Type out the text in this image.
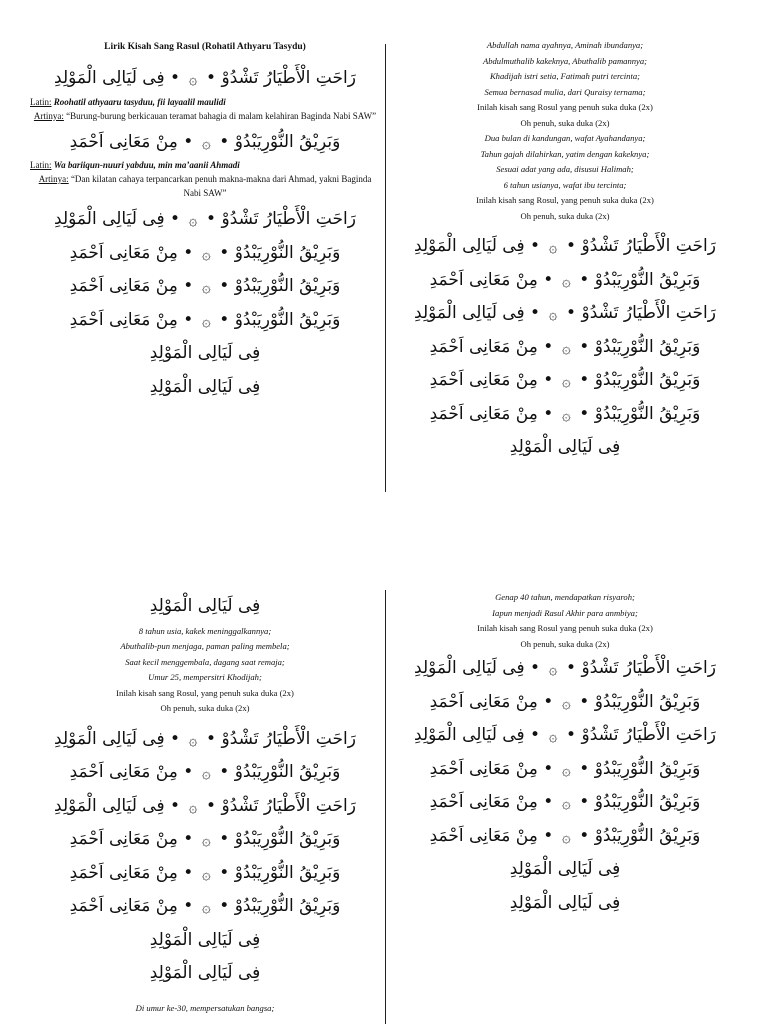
Lirik Kisah Sang Rasul (Rohatil Athyaru Tasydu)
رَاحَتِ الْأَطْيَارُ تَشْدُوْ •۞• فِى لَيَالِى الْمَوْلِدِ
Latin: Roohatil athyaaru tasyduu, fii layaalil maulidi
Artinya: “Burung-burung berkicauan teramat bahagia di malam kelahiran Baginda Nabi SAW”
وَبَرِيْقُ النُّوْرِيَبْدُوْ •۞• مِنْ مَعَانِى اَحْمَدِ
Latin: Wa bariiqun-nuuri yabduu, min ma’aanii Ahmadi
Artinya: “Dan kilatan cahaya terpancarkan penuh makna-makna dari Ahmad, yakni Baginda Nabi SAW”
رَاحَتِ الْأَطْيَارُ تَشْدُوْ •۞• فِى لَيَالِى الْمَوْلِدِ
وَبَرِيْقُ النُّوْرِيَبْدُوْ •۞• مِنْ مَعَانِى اَحْمَدِ
وَبَرِيْقُ النُّوْرِيَبْدُوْ •۞• مِنْ مَعَانِى اَحْمَدِ
وَبَرِيْقُ النُّوْرِيَبْدُوْ •۞• مِنْ مَعَانِى اَحْمَدِ
فِى لَيَالِى الْمَوْلِدِ
فِى لَيَالِى الْمَوْلِدِ
Abdullah nama ayahnya, Aminah ibundanya;
Abdulmuthalib kakeknya, Abuthalib pamannya;
Khadijah istri setia, Fatimah putri tercinta;
Semua bernasad mulia, dari Quraisy ternama;
Inilah kisah sang Rosul yang penuh suka duka (2x)
Oh penuh, suka duka (2x)
Dua bulan di kandungan, wafat Ayahandanya;
Tahun gajah dilahirkan, yatim dengan kakeknya;
Sesuai adat yang ada, disusui Halimah;
6 tahun usianya, wafat ibu tercinta;
Inilah kisah sang Rosul, yang penuh suka duka (2x)
Oh penuh, suka duka (2x)
رَاحَتِ الْأَطْيَارُ تَشْدُوْ •۞• فِى لَيَالِى الْمَوْلِدِ
وَبَرِيْقُ النُّوْرِيَبْدُوْ •۞• مِنْ مَعَانِى اَحْمَدِ
رَاحَتِ الْأَطْيَارُ تَشْدُوْ •۞• فِى لَيَالِى الْمَوْلِدِ
وَبَرِيْقُ النُّوْرِيَبْدُوْ •۞• مِنْ مَعَانِى اَحْمَدِ
وَبَرِيْقُ النُّوْرِيَبْدُوْ •۞• مِنْ مَعَانِى اَحْمَدِ
وَبَرِيْقُ النُّوْرِيَبْدُوْ •۞• مِنْ مَعَانِى اَحْمَدِ
فِى لَيَالِى الْمَوْلِدِ
فِى لَيَالِى الْمَوْلِدِ
8 tahun usia, kakek meninggalkannya;
Abuthalib-pun menjaga, paman paling membela;
Saat kecil menggembala, dagang saat remaja;
Umur 25, mempersitri Khodijah;
Inilah kisah sang Rosul, yang penuh suka duka (2x)
Oh penuh, suka duka (2x)
رَاحَتِ الْأَطْيَارُ تَشْدُوْ •۞• فِى لَيَالِى الْمَوْلِدِ
وَبَرِيْقُ النُّوْرِيَبْدُوْ •۞• مِنْ مَعَانِى اَحْمَدِ
رَاحَتِ الْأَطْيَارُ تَشْدُوْ •۞• فِى لَيَالِى الْمَوْلِدِ
وَبَرِيْقُ النُّوْرِيَبْدُوْ •۞• مِنْ مَعَانِى اَحْمَدِ
وَبَرِيْقُ النُّوْرِيَبْدُوْ •۞• مِنْ مَعَانِى اَحْمَدِ
وَبَرِيْقُ النُّوْرِيَبْدُوْ •۞• مِنْ مَعَانِى اَحْمَدِ
فِى لَيَالِى الْمَوْلِدِ
فِى لَيَالِى الْمَوْلِدِ
Di umur ke-30, mempersatukan bangsa;
Genap 40 tahun, mendapatkan risyaroh;
Iapun menjadi Rasul Akhir para anmbiya;
Inilah kisah sang Rosul yang penuh suka duka (2x)
Oh penuh, suka duka (2x)
رَاحَتِ الْأَطْيَارُ تَشْدُوْ •۞• فِى لَيَالِى الْمَوْلِدِ
وَبَرِيْقُ النُّوْرِيَبْدُوْ •۞• مِنْ مَعَانِى اَحْمَدِ
رَاحَتِ الْأَطْيَارُ تَشْدُوْ •۞• فِى لَيَالِى الْمَوْلِدِ
وَبَرِيْقُ النُّوْرِيَبْدُوْ •۞• مِنْ مَعَانِى اَحْمَدِ
وَبَرِيْقُ النُّوْرِيَبْدُوْ •۞• مِنْ مَعَانِى اَحْمَدِ
وَبَرِيْقُ النُّوْرِيَبْدُوْ •۞• مِنْ مَعَانِى اَحْمَدِ
فِى لَيَالِى الْمَوْلِدِ
فِى لَيَالِى الْمَوْلِدِ
